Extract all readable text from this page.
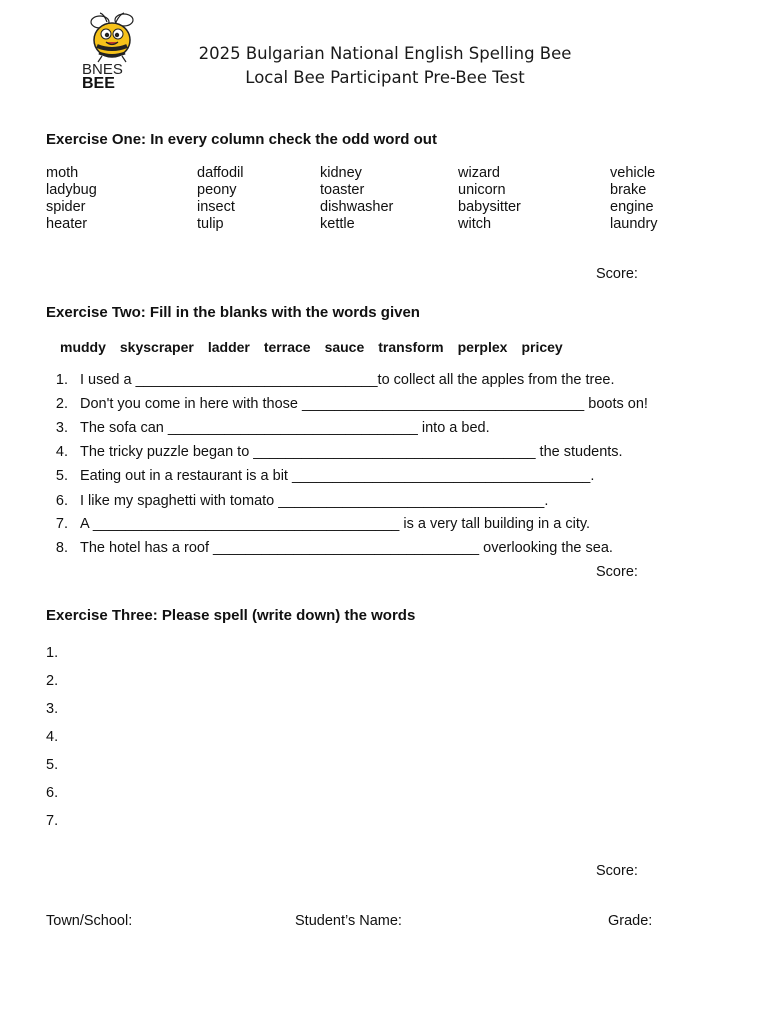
BNES
BEE
2025 Bulgarian National English Spelling Bee
Local Bee Participant Pre-Bee Test
Exercise One: In every column check the odd word out
moth
ladybug
spider
heater
daffodil
peony
insect
tulip
kidney
toaster
dishwasher
kettle
wizard
unicorn
babysitter
witch
vehicle
brake
engine
laundry
Score:
Exercise Two: Fill in the blanks with the words given
muddy skyscraper ladder terrace sauce transform perplex pricey
1. I used a ______________________________to collect all the apples from the tree.
2. Don't you come in here with those ___________________________________ boots on!
3. The sofa can _______________________________ into a bed.
4. The tricky puzzle began to ___________________________________ the students.
5. Eating out in a restaurant is a bit _____________________________________.
6. I like my spaghetti with tomato _________________________________.
7. A ______________________________________ is a very tall building in a city.
8. The hotel has a roof _________________________________ overlooking the sea.
Score:
Exercise Three: Please spell (write down) the words
1.
2.
3.
4.
5.
6.
7.
Score:
Town/School:	Student’s Name:	Grade:
